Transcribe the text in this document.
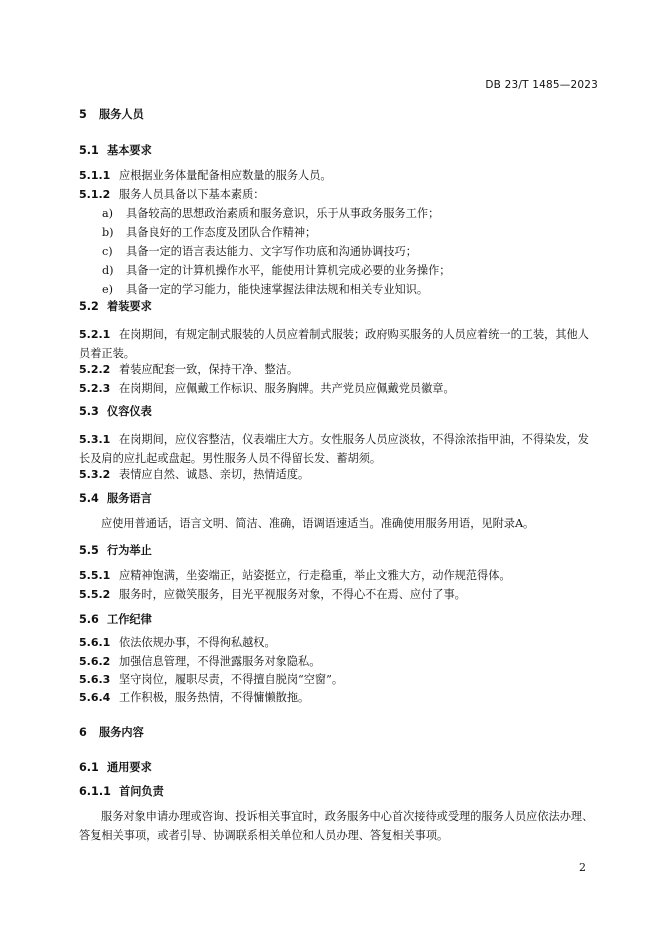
DB 23/T 1485—2023
5 服务人员
5.1 基本要求
5.1.1 应根据业务体量配备相应数量的服务人员。
5.1.2 服务人员具备以下基本素质：
a) 具备较高的思想政治素质和服务意识，乐于从事政务服务工作；
b) 具备良好的工作态度及团队合作精神；
c) 具备一定的语言表达能力、文字写作功底和沟通协调技巧；
d) 具备一定的计算机操作水平，能使用计算机完成必要的业务操作；
e) 具备一定的学习能力，能快速掌握法律法规和相关专业知识。
5.2 着装要求
5.2.1 在岗期间，有规定制式服装的人员应着制式服装；政府购买服务的人员应着统一的工装，其他人员着正装。
5.2.2 着装应配套一致，保持干净、整洁。
5.2.3 在岗期间，应佩戴工作标识、服务胸牌。共产党员应佩戴党员徽章。
5.3 仪容仪表
5.3.1 在岗期间，应仪容整洁，仪表端庄大方。女性服务人员应淡妆，不得涂浓指甲油，不得染发，发长及肩的应扎起或盘起。男性服务人员不得留长发、蓄胡须。
5.3.2 表情应自然、诚恳、亲切，热情适度。
5.4 服务语言
应使用普通话，语言文明、简洁、准确，语调语速适当。准确使用服务用语，见附录A。
5.5 行为举止
5.5.1 应精神饱满，坐姿端正，站姿挺立，行走稳重，举止文雅大方，动作规范得体。
5.5.2 服务时，应微笑服务，目光平视服务对象，不得心不在焉、应付了事。
5.6 工作纪律
5.6.1 依法依规办事，不得徇私越权。
5.6.2 加强信息管理，不得泄露服务对象隐私。
5.6.3 坚守岗位，履职尽责，不得擅自脱岗“空窗”。
5.6.4 工作积极，服务热情，不得慵懒散拖。
6 服务内容
6.1 通用要求
6.1.1 首问负责
服务对象申请办理或咨询、投诉相关事宜时，政务服务中心首次接待或受理的服务人员应依法办理、答复相关事项，或者引导、协调联系相关单位和人员办理、答复相关事项。
2
